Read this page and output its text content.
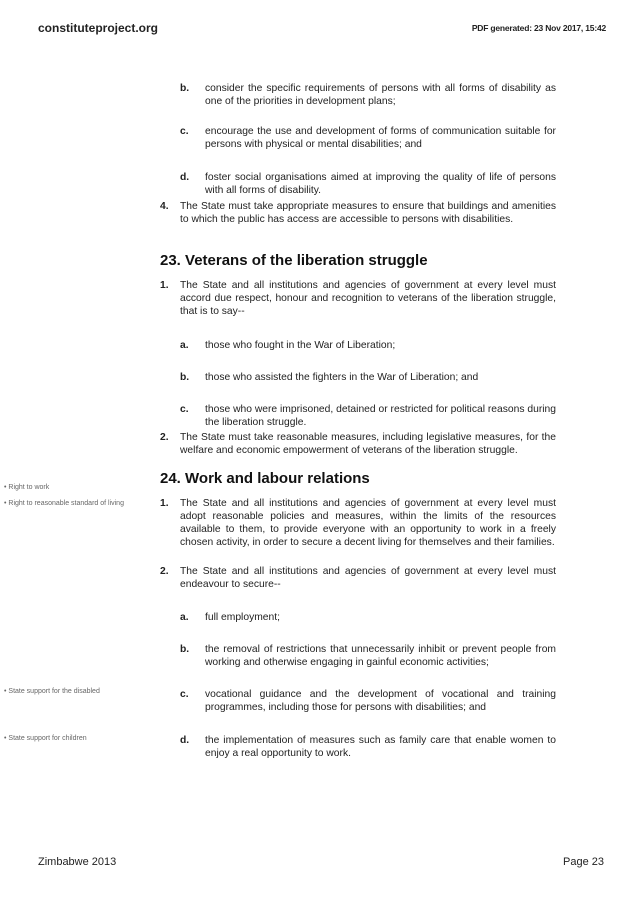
constituteproject.org	PDF generated: 23 Nov 2017, 15:42
• Right to work
• Right to reasonable standard of living
• State support for the disabled
• State support for children
b. consider the specific requirements of persons with all forms of disability as one of the priorities in development plans;
c. encourage the use and development of forms of communication suitable for persons with physical or mental disabilities; and
d. foster social organisations aimed at improving the quality of life of persons with all forms of disability.
4. The State must take appropriate measures to ensure that buildings and amenities to which the public has access are accessible to persons with disabilities.
23. Veterans of the liberation struggle
1. The State and all institutions and agencies of government at every level must accord due respect, honour and recognition to veterans of the liberation struggle, that is to say--
a. those who fought in the War of Liberation;
b. those who assisted the fighters in the War of Liberation; and
c. those who were imprisoned, detained or restricted for political reasons during the liberation struggle.
2. The State must take reasonable measures, including legislative measures, for the welfare and economic empowerment of veterans of the liberation struggle.
24. Work and labour relations
1. The State and all institutions and agencies of government at every level must adopt reasonable policies and measures, within the limits of the resources available to them, to provide everyone with an opportunity to work in a freely chosen activity, in order to secure a decent living for themselves and their families.
2. The State and all institutions and agencies of government at every level must endeavour to secure--
a. full employment;
b. the removal of restrictions that unnecessarily inhibit or prevent people from working and otherwise engaging in gainful economic activities;
c. vocational guidance and the development of vocational and training programmes, including those for persons with disabilities; and
d. the implementation of measures such as family care that enable women to enjoy a real opportunity to work.
Zimbabwe 2013	Page 23
